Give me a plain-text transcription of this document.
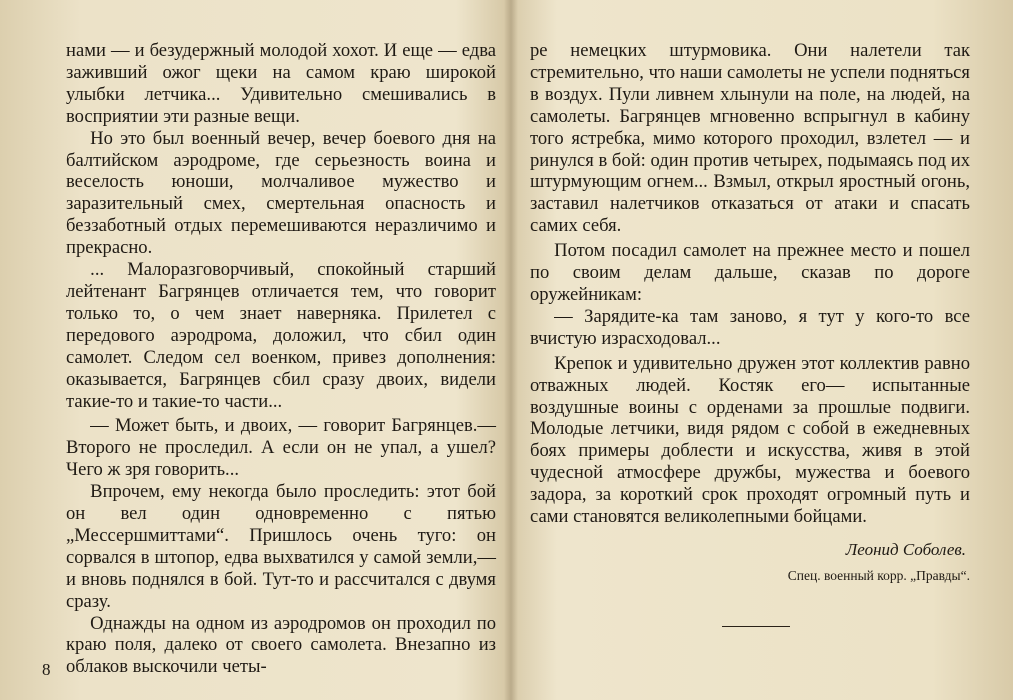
нами — и безудержный молодой хохот. И еще — едва заживший ожог щеки на самом краю широкой улыбки летчика... Удивительно смешивались в восприятии эти разные вещи.

Но это был военный вечер, вечер боевого дня на балтийском аэродроме, где серьезность воина и веселость юноши, молчаливое мужество и заразительный смех, смертельная опасность и беззаботный отдых перемешиваются неразличимо и прекрасно.

... Малоразговорчивый, спокойный старший лейтенант Багрянцев отличается тем, что говорит только то, о чем знает наверняка. Прилетел с передового аэродрома, доложил, что сбил один самолет. Следом сел военком, привез дополнения: оказывается, Багрянцев сбил сразу двоих, видели такие-то и такие-то части...

— Может быть, и двоих, — говорит Багрянцев.— Второго не проследил. А если он не упал, а ушел? Чего ж зря говорить...

Впрочем, ему некогда было проследить: этот бой он вел один одновременно с пятью „Мессершмиттами“. Пришлось очень туго: он сорвался в штопор, едва выхватился у самой земли,— и вновь поднялся в бой. Тут-то и рассчитался с двумя сразу.

Однажды на одном из аэродромов он проходил по краю поля, далеко от своего самолета. Внезапно из облаков выскочили четы-

ре немецких штурмовика. Они налетели так стремительно, что наши самолеты не успели подняться в воздух. Пули ливнем хлынули на поле, на людей, на самолеты. Багрянцев мгновенно вспрыгнул в кабину того ястребка, мимо которого проходил, взлетел — и ринулся в бой: один против четырех, подымаясь под их штурмующим огнем... Взмыл, открыл яростный огонь, заставил налетчиков отказаться от атаки и спасать самих себя.

Потом посадил самолет на прежнее место и пошел по своим делам дальше, сказав по дороге оружейникам:

— Зарядите-ка там заново, я тут у кого-то все вчистую израсходовал...

Крепок и удивительно дружен этот коллектив равно отважных людей. Костяк его— испытанные воздушные воины с орденами за прошлые подвиги. Молодые летчики, видя рядом с собой в ежедневных боях примеры доблести и искусства, живя в этой чудесной атмосфере дружбы, мужества и боевого задора, за короткий срок проходят огромный путь и сами становятся великолепными бойцами.

Леонид Соболев.
Спец. военный корр. „Правды“.
8
